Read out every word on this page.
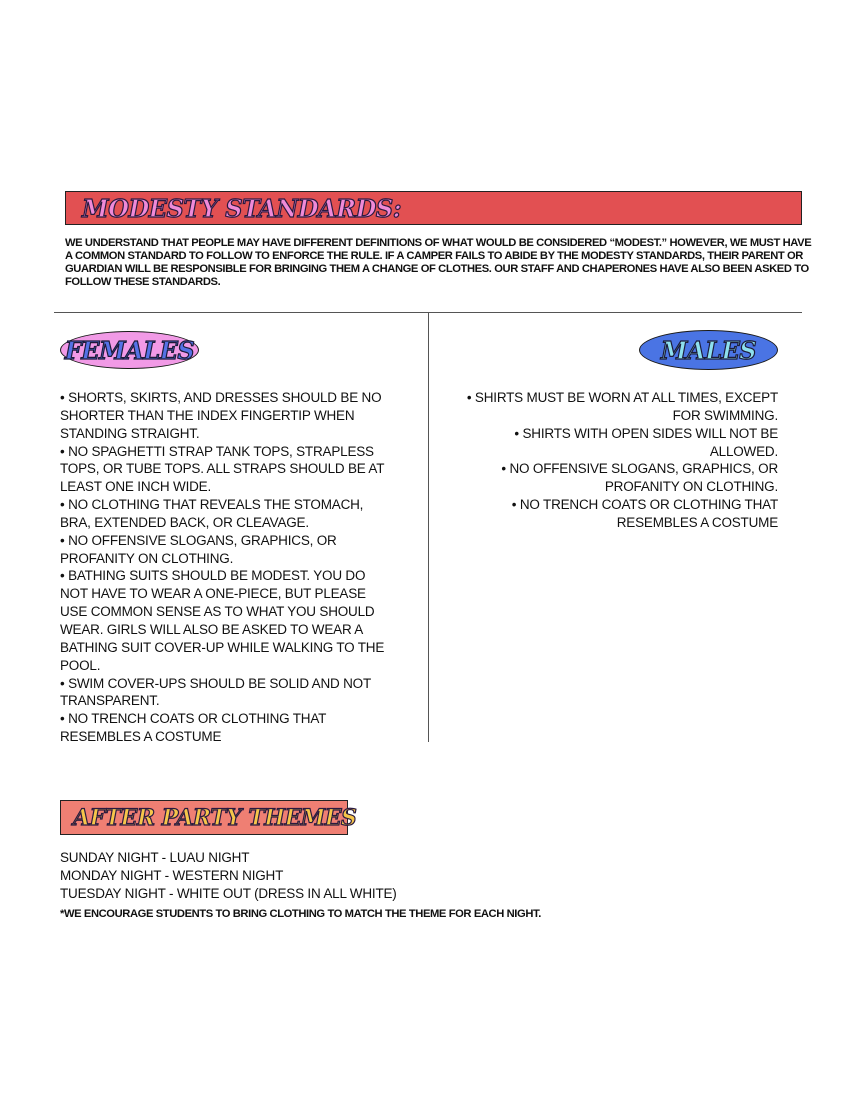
MODESTY STANDARDS:

WE UNDERSTAND THAT PEOPLE MAY HAVE DIFFERENT DEFINITIONS OF WHAT WOULD BE CONSIDERED “MODEST.” HOWEVER, WE MUST HAVE A COMMON STANDARD TO FOLLOW TO ENFORCE THE RULE. IF A CAMPER FAILS TO ABIDE BY THE MODESTY STANDARDS, THEIR PARENT OR GUARDIAN WILL BE RESPONSIBLE FOR BRINGING THEM A CHANGE OF CLOTHES. OUR STAFF AND CHAPERONES HAVE ALSO BEEN ASKED TO FOLLOW THESE STANDARDS.

FEMALES
• SHORTS, SKIRTS, AND DRESSES SHOULD BE NO SHORTER THAN THE INDEX FINGERTIP WHEN STANDING STRAIGHT.
• NO SPAGHETTI STRAP TANK TOPS, STRAPLESS TOPS, OR TUBE TOPS. ALL STRAPS SHOULD BE AT LEAST ONE INCH WIDE.
• NO CLOTHING THAT REVEALS THE STOMACH, BRA, EXTENDED BACK, OR CLEAVAGE.
• NO OFFENSIVE SLOGANS, GRAPHICS, OR PROFANITY ON CLOTHING.
• BATHING SUITS SHOULD BE MODEST. YOU DO NOT HAVE TO WEAR A ONE-PIECE, BUT PLEASE USE COMMON SENSE AS TO WHAT YOU SHOULD WEAR. GIRLS WILL ALSO BE ASKED TO WEAR A BATHING SUIT COVER-UP WHILE WALKING TO THE POOL.
• SWIM COVER-UPS SHOULD BE SOLID AND NOT TRANSPARENT.
• NO TRENCH COATS OR CLOTHING THAT RESEMBLES A COSTUME
MALES
• SHIRTS MUST BE WORN AT ALL TIMES, EXCEPT FOR SWIMMING.
• SHIRTS WITH OPEN SIDES WILL NOT BE ALLOWED.
• NO OFFENSIVE SLOGANS, GRAPHICS, OR PROFANITY ON CLOTHING.
• NO TRENCH COATS OR CLOTHING THAT RESEMBLES A COSTUME
AFTER PARTY THEMES
SUNDAY NIGHT - LUAU NIGHT
MONDAY NIGHT - WESTERN NIGHT
TUESDAY NIGHT - WHITE OUT (DRESS IN ALL WHITE)
*WE ENCOURAGE STUDENTS TO BRING CLOTHING TO MATCH THE THEME FOR EACH NIGHT.
